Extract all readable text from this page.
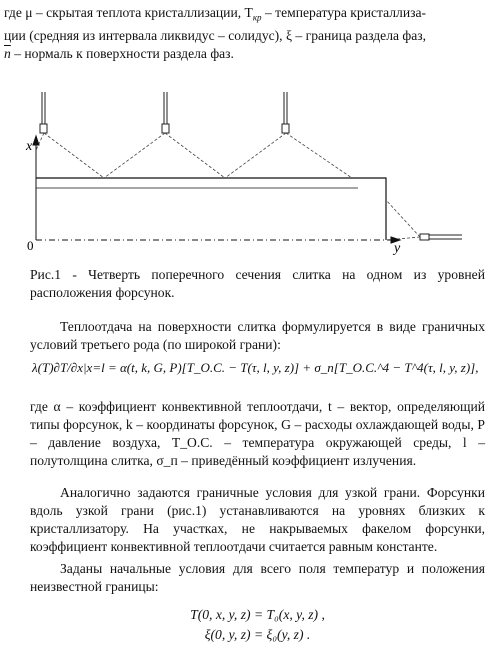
где μ – скрытая теплота кристаллизации, $T_{кр}$ – температура кристаллиза-

ции (средняя из интервала ликвидус – солидус), ξ – граница раздела фаз,

$\overline{n}$ – нормаль к поверхности раздела фаз.

x
0	y

Рис.1 - Четверть поперечного сечения слитка на одном из уровней расположения форсунок.

Теплоотдача на поверхности слитка формулируется в виде граничных условий третьего рода (по широкой грани):

λ(T)∂T/∂x|x=l = α(t, k, G, P)[T_O.C. − T(τ, l, y, z)] + σ_п[T_O.C.^4 − T^4(τ, l, y, z)],

где α – коэффициент конвективной теплоотдачи, t – вектор, определяющий типы форсунок, k – координаты форсунок, G – расходы охлаждающей воды, P – давление воздуха, T_O.C. – температура окружающей среды, l – полутолщина слитка, σ_п – приведённый коэффициент излучения.

Аналогично задаются граничные условия для узкой грани. Форсунки вдоль узкой грани (рис.1) устанавливаются на уровнях близких к кристаллизатору. На участках, не накрываемых факелом форсунки, коэффициент конвективной теплоотдачи считается равным константе.

Заданы начальные условия для всего поля температур и положения неизвестной границы:

T(0, x, y, z) = T₀(x, y, z) ,
ξ(0, y, z) = ξ₀(y, z) .
